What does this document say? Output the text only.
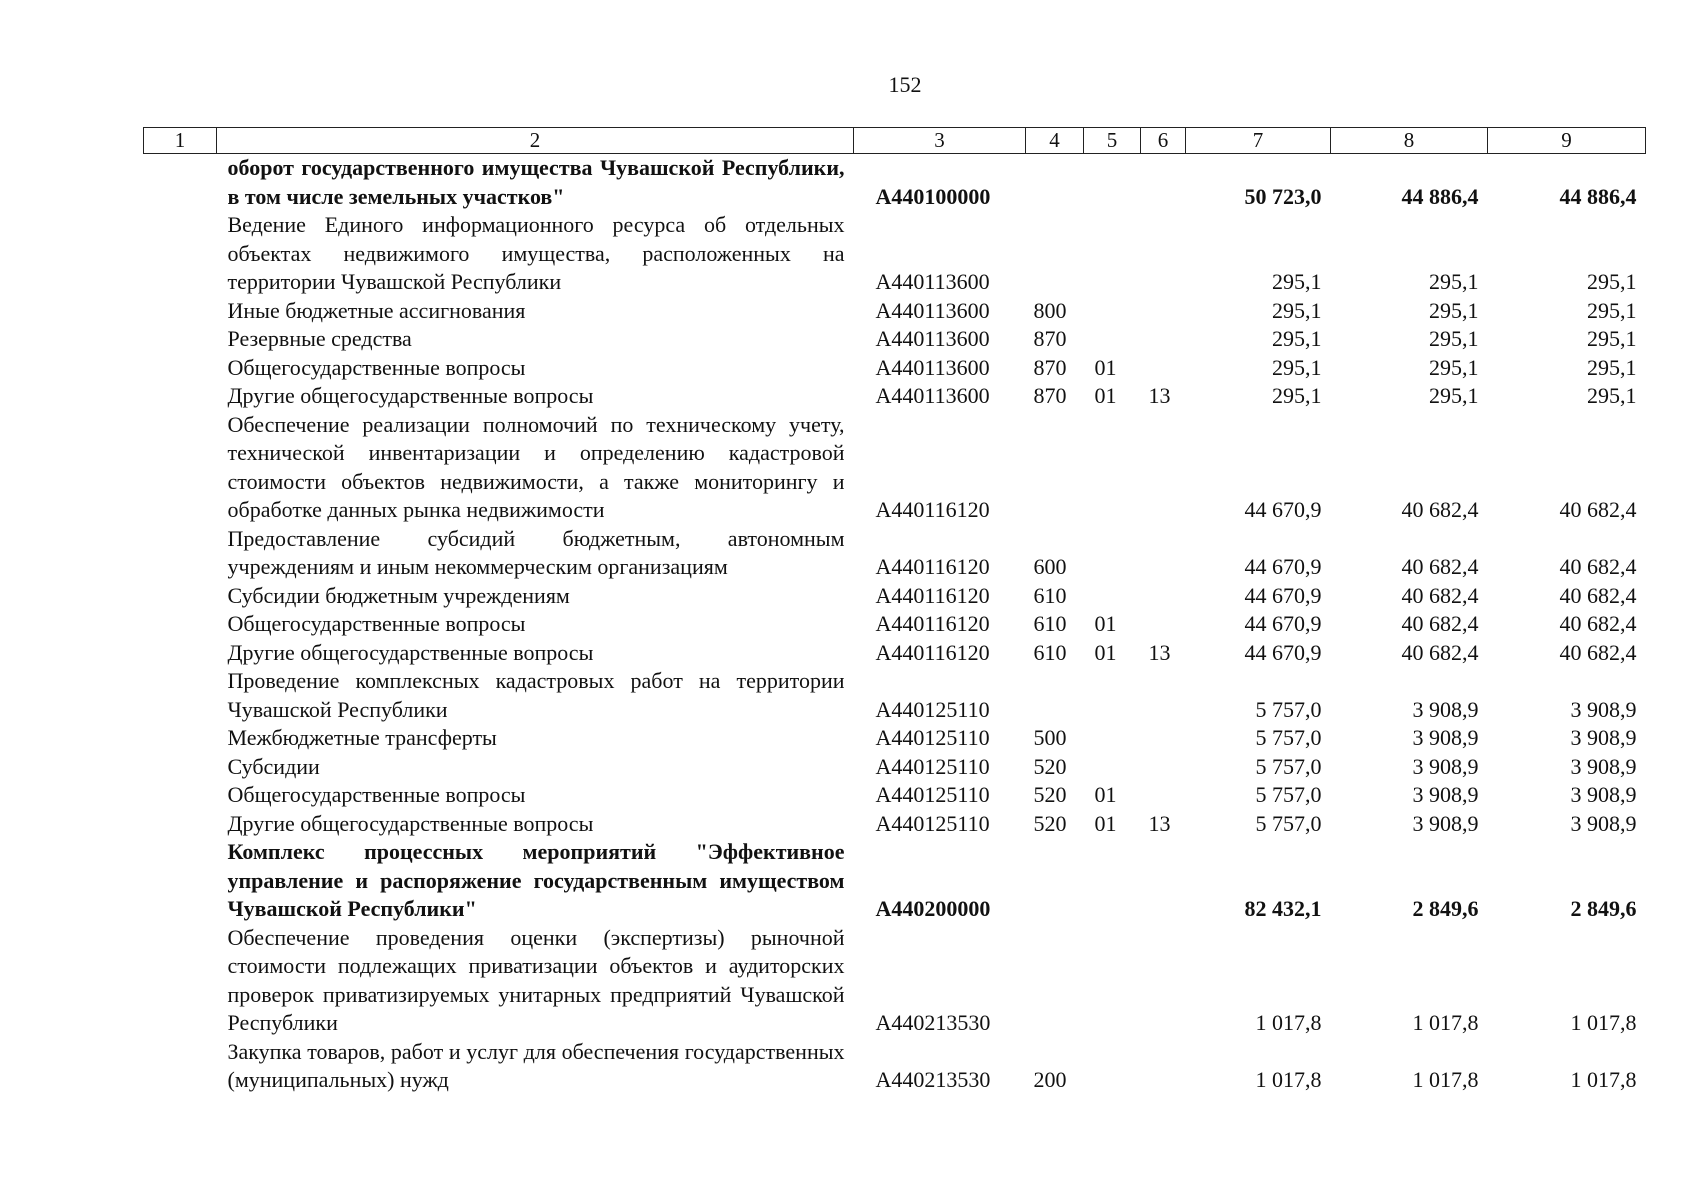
152
1	2	3	4	5	6	7	8	9
	оборот государственного имущества Чувашской Республики, в том числе земельных участков"	А440100000				50 723,0	44 886,4	44 886,4
	Ведение Единого информационного ресурса об отдельных объектах недвижимого имущества, расположенных на территории Чувашской Республики	А440113600				295,1	295,1	295,1
	Иные бюджетные ассигнования	А440113600	800			295,1	295,1	295,1
	Резервные средства	А440113600	870			295,1	295,1	295,1
	Общегосударственные вопросы	А440113600	870	01		295,1	295,1	295,1
	Другие общегосударственные вопросы	А440113600	870	01	13	295,1	295,1	295,1
	Обеспечение реализации полномочий по техническому учету, технической инвентаризации и определению кадастровой стоимости объектов недвижимости, а также мониторингу и обработке данных рынка недвижимости	А440116120				44 670,9	40 682,4	40 682,4
	Предоставление субсидий бюджетным, автономным учреждениям и иным некоммерческим организациям	А440116120	600			44 670,9	40 682,4	40 682,4
	Субсидии бюджетным учреждениям	А440116120	610			44 670,9	40 682,4	40 682,4
	Общегосударственные вопросы	А440116120	610	01		44 670,9	40 682,4	40 682,4
	Другие общегосударственные вопросы	А440116120	610	01	13	44 670,9	40 682,4	40 682,4
	Проведение комплексных кадастровых работ на территории Чувашской Республики	А440125110				5 757,0	3 908,9	3 908,9
	Межбюджетные трансферты	А440125110	500			5 757,0	3 908,9	3 908,9
	Субсидии	А440125110	520			5 757,0	3 908,9	3 908,9
	Общегосударственные вопросы	А440125110	520	01		5 757,0	3 908,9	3 908,9
	Другие общегосударственные вопросы	А440125110	520	01	13	5 757,0	3 908,9	3 908,9
	Комплекс процессных мероприятий "Эффективное управление и распоряжение государственным имуществом Чувашской Республики"	А440200000				82 432,1	2 849,6	2 849,6
	Обеспечение проведения оценки (экспертизы) рыночной стоимости подлежащих приватизации объектов и аудиторских проверок приватизируемых унитарных предприятий Чувашской Республики	А440213530				1 017,8	1 017,8	1 017,8
	Закупка товаров, работ и услуг для обеспечения государственных (муниципальных) нужд	А440213530	200			1 017,8	1 017,8	1 017,8
